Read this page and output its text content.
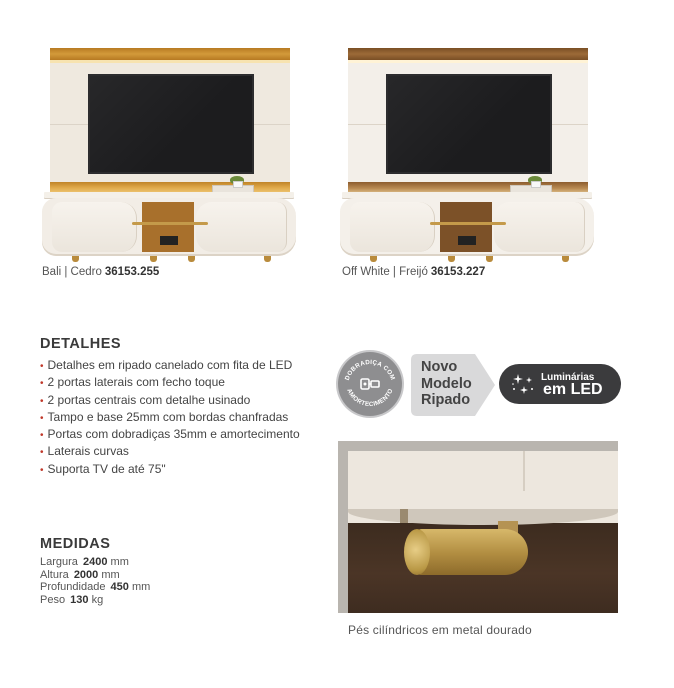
Bali | Cedro 36153.255	Off White | Freijó 36153.227
DETALHES
• Detalhes em ripado canelado com fita de LED
• 2 portas laterais com fecho toque
• 2 portas centrais com detalhe usinado
• Tampo e base 25mm com bordas chanfradas
• Portas com dobradiças 35mm e amortecimento
• Laterais curvas
• Suporta TV de até 75"
MEDIDAS
Largura 2400 mm
Altura 2000 mm
Profundidade 450 mm
Peso 130 kg
DOBRADIÇA COM
AMORTECIMENTO
Novo
Modelo
Ripado
Luminárias
em LED
Pés cilíndricos em metal dourado
